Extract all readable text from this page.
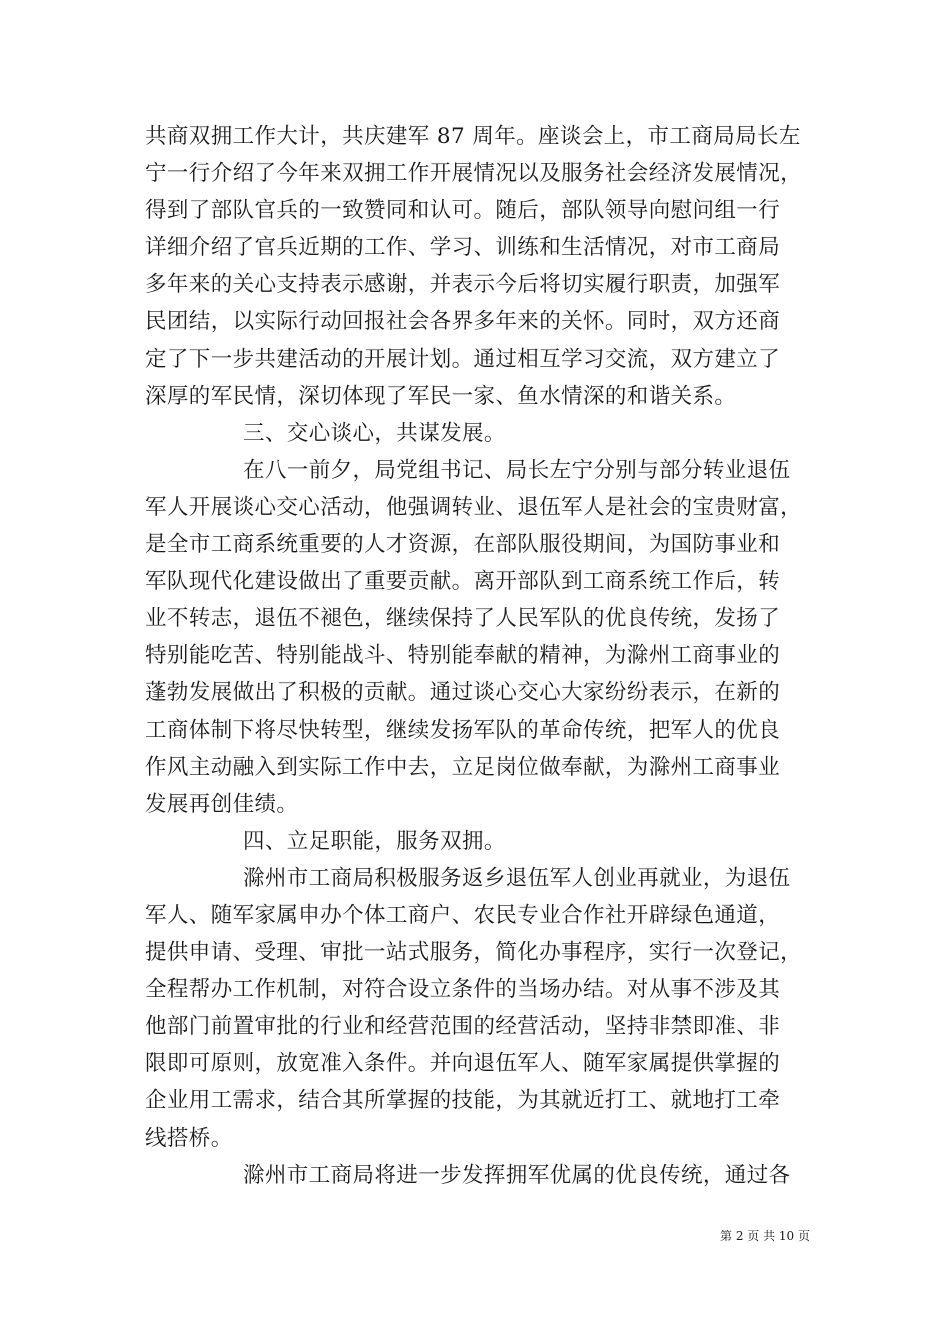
共商双拥工作大计，共庆建军 87 周年。座谈会上，市工商局局长左
宁一行介绍了今年来双拥工作开展情况以及服务社会经济发展情况，
得到了部队官兵的一致赞同和认可。随后，部队领导向慰问组一行
详细介绍了官兵近期的工作、学习、训练和生活情况，对市工商局
多年来的关心支持表示感谢，并表示今后将切实履行职责，加强军
民团结，以实际行动回报社会各界多年来的关怀。同时，双方还商
定了下一步共建活动的开展计划。通过相互学习交流，双方建立了
深厚的军民情，深切体现了军民一家、鱼水情深的和谐关系。
三、交心谈心，共谋发展。
在八一前夕，局党组书记、局长左宁分别与部分转业退伍
军人开展谈心交心活动，他强调转业、退伍军人是社会的宝贵财富，
是全市工商系统重要的人才资源，在部队服役期间，为国防事业和
军队现代化建设做出了重要贡献。离开部队到工商系统工作后，转
业不转志，退伍不褪色，继续保持了人民军队的优良传统，发扬了
特别能吃苦、特别能战斗、特别能奉献的精神，为滁州工商事业的
蓬勃发展做出了积极的贡献。通过谈心交心大家纷纷表示，在新的
工商体制下将尽快转型，继续发扬军队的革命传统，把军人的优良
作风主动融入到实际工作中去，立足岗位做奉献，为滁州工商事业
发展再创佳绩。
四、立足职能，服务双拥。
滁州市工商局积极服务返乡退伍军人创业再就业，为退伍
军人、随军家属申办个体工商户、农民专业合作社开辟绿色通道，
提供申请、受理、审批一站式服务，简化办事程序，实行一次登记，
全程帮办工作机制，对符合设立条件的当场办结。对从事不涉及其
他部门前置审批的行业和经营范围的经营活动，坚持非禁即准、非
限即可原则，放宽准入条件。并向退伍军人、随军家属提供掌握的
企业用工需求，结合其所掌握的技能，为其就近打工、就地打工牵
线搭桥。
滁州市工商局将进一步发挥拥军优属的优良传统，通过各
第 2 页 共 10 页
